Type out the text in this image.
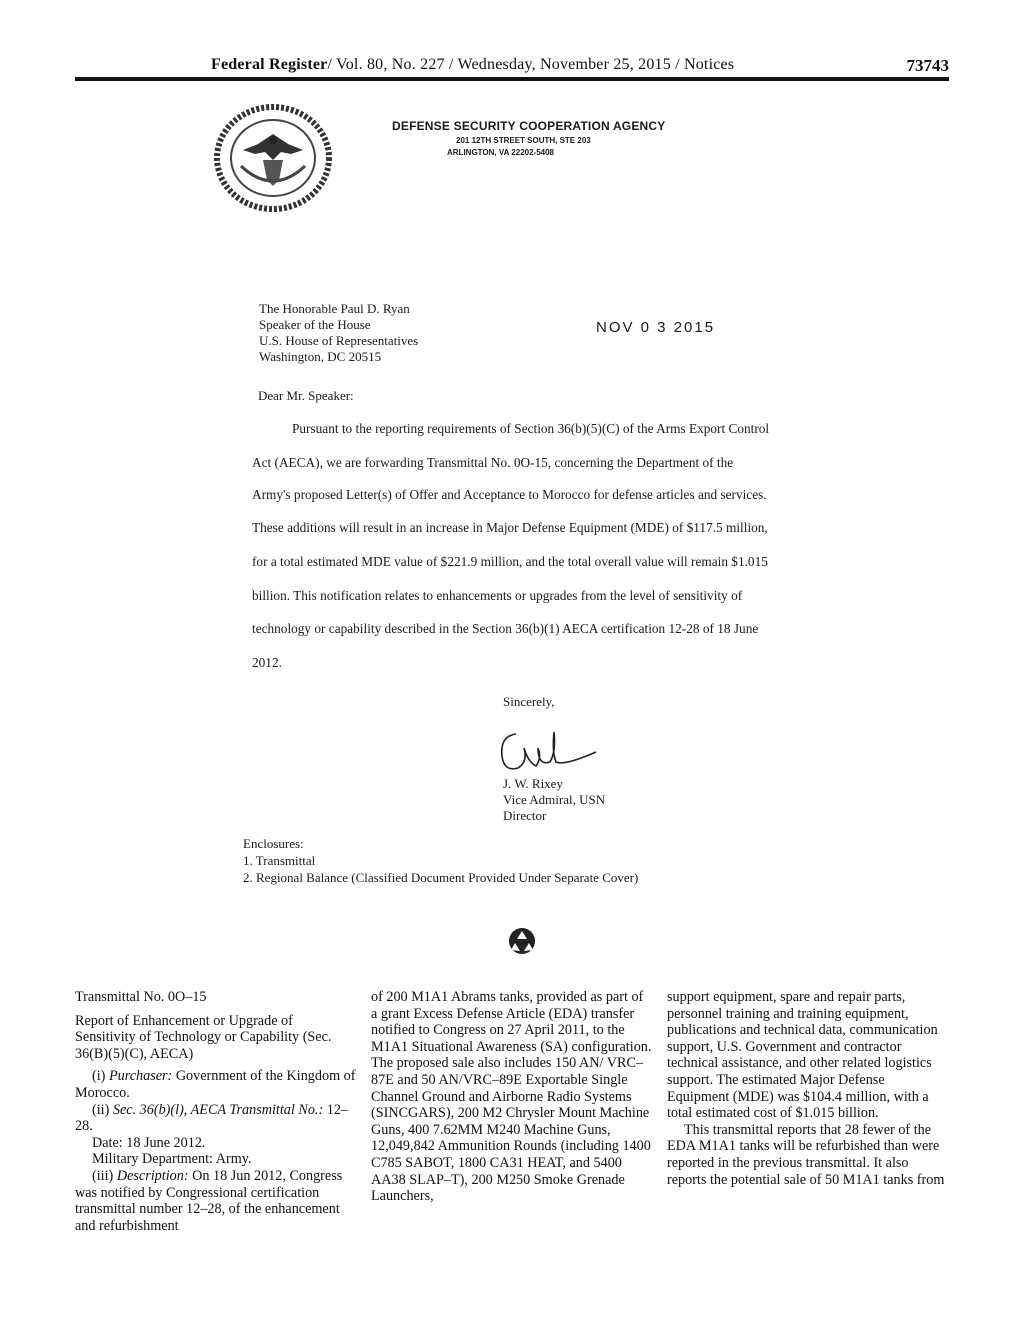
Federal Register/ Vol. 80, No. 227 / Wednesday, November 25, 2015 / Notices	73743
DEFENSE SECURITY COOPERATION AGENCY
201 12TH STREET SOUTH, STE 203
ARLINGTON, VA 22202-5408
The Honorable Paul D. Ryan
Speaker of the House
U.S. House of Representatives
Washington, DC 20515
NOV 0 3 2015
Dear Mr. Speaker:
Pursuant to the reporting requirements of Section 36(b)(5)(C) of the Arms Export Control
Act (AECA), we are forwarding Transmittal No. 0O-15, concerning the Department of the
Army's proposed Letter(s) of Offer and Acceptance to Morocco for defense articles and services.
These additions will result in an increase in Major Defense Equipment (MDE) of $117.5 million,
for a total estimated MDE value of $221.9 million, and the total overall value will remain $1.015
billion. This notification relates to enhancements or upgrades from the level of sensitivity of
technology or capability described in the Section 36(b)(1) AECA certification 12-28 of 18 June
2012.
Sincerely,
J. W. Rixey
Vice Admiral, USN
Director
Enclosures:
1. Transmittal
2. Regional Balance (Classified Document Provided Under Separate Cover)

Transmittal No. 0O–15

Report of Enhancement or Upgrade of Sensitivity of Technology or Capability (Sec. 36(B)(5)(C), AECA)

(i) Purchaser: Government of the Kingdom of Morocco.

(ii) Sec. 36(b)(l), AECA Transmittal No.: 12–28.

Date: 18 June 2012.

Military Department: Army.

(iii) Description: On 18 Jun 2012, Congress was notified by Congressional certification transmittal number 12–28, of the enhancement and refurbishment

of 200 M1A1 Abrams tanks, provided as part of a grant Excess Defense Article (EDA) transfer notified to Congress on 27 April 2011, to the M1A1 Situational Awareness (SA) configuration. The proposed sale also includes 150 AN/ VRC–87E and 50 AN/VRC–89E Exportable Single Channel Ground and Airborne Radio Systems (SINCGARS), 200 M2 Chrysler Mount Machine Guns, 400 7.62MM M240 Machine Guns, 12,049,842 Ammunition Rounds (including 1400 C785 SABOT, 1800 CA31 HEAT, and 5400 AA38 SLAP–T), 200 M250 Smoke Grenade Launchers,

support equipment, spare and repair parts, personnel training and training equipment, publications and technical data, communication support, U.S. Government and contractor technical assistance, and other related logistics support. The estimated Major Defense Equipment (MDE) was $104.4 million, with a total estimated cost of $1.015 billion.

This transmittal reports that 28 fewer of the EDA M1A1 tanks will be refurbished than were reported in the previous transmittal. It also reports the potential sale of 50 M1A1 tanks from
